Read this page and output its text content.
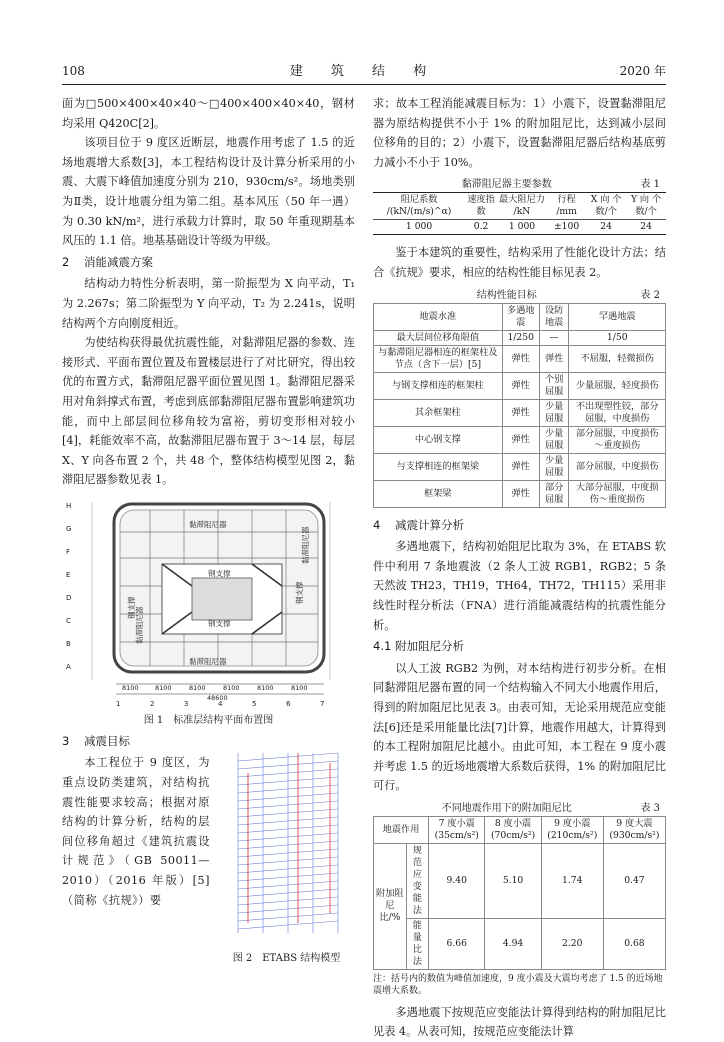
108	建 筑 结 构	2020 年

面为□500×400×40×40～□400×400×40×40，钢材均采用 Q420C[2]。

该项目位于 9 度区近断层，地震作用考虑了 1.5 的近场地震增大系数[3]，本工程结构设计及计算分析采用的小震、大震下峰值加速度分别为 210，930cm/s²。场地类别为Ⅱ类，设计地震分组为第二组。基本风压（50 年一遇）为 0.30 kN/m²，进行承载力计算时，取 50 年重现期基本风压的 1.1 倍。地基基础设计等级为甲级。

2 消能减震方案

结构动力特性分析表明，第一阶振型为 X 向平动，T₁ 为 2.267s；第二阶振型为 Y 向平动，T₂ 为 2.241s，说明结构两个方向刚度相近。

为使结构获得最优抗震性能，对黏滞阻尼器的参数、连接形式、平面布置位置及布置楼层进行了对比研究，得出较优的布置方式，黏滞阻尼器平面位置见图 1。黏滞阻尼器采用对角斜撑式布置，考虑到底部黏滞阻尼器布置影响建筑功能，而中上部层间位移角较为富裕，剪切变形相对较小[4]，耗能效率不高，故黏滞阻尼器布置于 3～14 层，每层 X、Y 向各布置 2 个，共 48 个，整体结构模型见图 2，黏滞阻尼器参数见表 1。

黏滞阻尼器
黏滞阻尼器
钢支撑
钢支撑
钢支撑
钢支撑
黏滞阻尼器
黏滞阻尼器
H
G
F
E
D
C
B
A
1	2	3	4	5	6	7
8100	8100	8100	8100	8100	8100
48600
图 1　标准层结构平面布置图
3 减震目标

本工程位于 9 度区，为重点设防类建筑，对结构抗震性能要求较高；根据对原结构的计算分析，结构的层间位移角超过《建筑抗震设计规范》（GB 50011—2010）（2016 年版）[5]（简称《抗规》）要

图 2　ETABS 结构模型

求；故本工程消能减震目标为：1）小震下，设置黏滞阻尼器为原结构提供不小于 1% 的附加阻尼比，达到减小层间位移角的目的；2）小震下，设置黏滞阻尼器后结构基底剪力减小不小于 10%。

黏滞阻尼器主要参数	表 1
阻尼系数 /(kN/(m/s)^α)	速度指数	最大阻尼力 /kN	行程 /mm	X 向 个数/个	Y 向 个数/个
1 000	0.2	1 000	±100	24	24

鉴于本建筑的重要性，结构采用了性能化设计方法；结合《抗规》要求，相应的结构性能目标见表 2。

结构性能目标	表 2
地震水准	多遇地震	设防地震	罕遇地震
最大层间位移角限值	1/250	—	1/50
与黏滞阻尼器相连的框架柱及节点（含下一层）[5]	弹性	弹性	不屈服，轻微损伤
与钢支撑相连的框架柱	弹性	个别屈服	少量屈服，轻度损伤
其余框架柱	弹性	少量屈服	不出现塑性铰，部分屈服，中度损伤
中心钢支撑	弹性	少量屈服	部分屈服，中度损伤～重度损伤
与支撑相连的框架梁	弹性	少量屈服	部分屈服，中度损伤
框架梁	弹性	部分屈服	大部分屈服，中度损伤～重度损伤
4 减震计算分析

多遇地震下，结构初始阻尼比取为 3%，在 ETABS 软件中利用 7 条地震波（2 条人工波 RGB1，RGB2；5 条天然波 TH23，TH19，TH64，TH72，TH115）采用非线性时程分析法（FNA）进行消能减震结构的抗震性能分析。

4.1 附加阻尼分析

以人工波 RGB2 为例，对本结构进行初步分析。在相同黏滞阻尼器布置的同一个结构输入不同大小地震作用后，得到的附加阻尼比见表 3。由表可知，无论采用规范应变能法[6]还是采用能量比法[7]计算，地震作用越大，计算得到的本工程附加阻尼比越小。由此可知，本工程在 9 度小震并考虑 1.5 的近场地震增大系数后获得，1% 的附加阻尼比可行。

不同地震作用下的附加阻尼比	表 3
地震作用		7 度小震 (35cm/s²)	8 度小震 (70cm/s²)	9 度小震 (210cm/s²)	9 度大震 (930cm/s²)
附加阻尼比/%	规范应变能法	9.40	5.10	1.74	0.47
	能量比法	6.66	4.94	2.20	0.68
注：括号内的数值为峰值加速度，9 度小震及大震均考虑了 1.5 的近场地震增大系数。

多遇地震下按规范应变能法计算得到结构的附加阻尼比见表 4。从表可知，按规范应变能法计算
